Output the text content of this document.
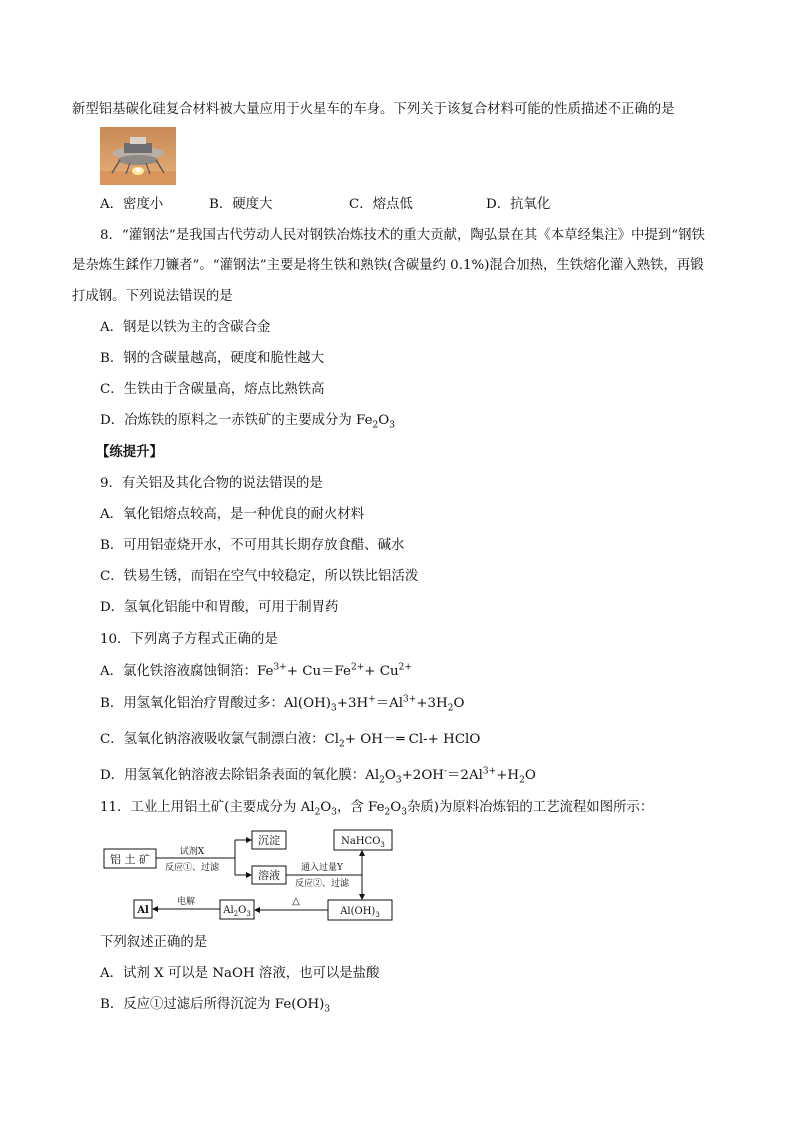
新型铝基碳化硅复合材料被大量应用于火星车的车身。下列关于该复合材料可能的性质描述不正确的是
A．密度小	B．硬度大	C．熔点低	D．抗氧化
8．“灌钢法”是我国古代劳动人民对钢铁冶炼技术的重大贡献，陶弘景在其《本草经集注》中提到“钢铁
是杂炼生鍒作刀镰者”。“灌钢法”主要是将生铁和熟铁(含碳量约 0.1%)混合加热，生铁熔化灌入熟铁，再锻
打成钢。下列说法错误的是
A．钢是以铁为主的含碳合金
B．钢的含碳量越高，硬度和脆性越大
C．生铁由于含碳量高，熔点比熟铁高
D．冶炼铁的原料之一赤铁矿的主要成分为 $Fe_2O_3$
【练提升】
9．有关铝及其化合物的说法错误的是
A．氧化铝熔点较高，是一种优良的耐火材料
B．可用铝壶烧开水，不可用其长期存放食醋、碱水
C．铁易生锈，而铝在空气中较稳定，所以铁比铝活泼
D．氢氧化铝能中和胃酸，可用于制胃药
10．下列离子方程式正确的是
A．氯化铁溶液腐蚀铜箔：$Fe^{3+}+ Cu=Fe^{2+}+ Cu^{2+}$
B．用氢氧化铝治疗胃酸过多：$Al(OH)_3+3H^+=Al^{3+}+3H_2O$
C．氢氧化钠溶液吸收氯气制漂白液：$Cl_2+$ OH－═ Cl-+ HClO
D．用氢氧化钠溶液去除铝条表面的氧化膜：$Al_2O_3+2OH^-=2Al^{3+}+H_2O$
11．工业上用铝土矿(主要成分为 $Al_2O_3$，含 $Fe_2O_3$杂质)为原料冶炼铝的工艺流程如图所示：
铝 土 矿
试剂X
反应①、过滤
沉淀
溶液
NaHCO$_3$
通入过量Y
反应②、过滤
$Al(OH)_3$
△
$Al_2O_3$
电解
Al
下列叙述正确的是
A．试剂 X 可以是 NaOH 溶液，也可以是盐酸
B．反应①过滤后所得沉淀为 $Fe(OH)_3$
